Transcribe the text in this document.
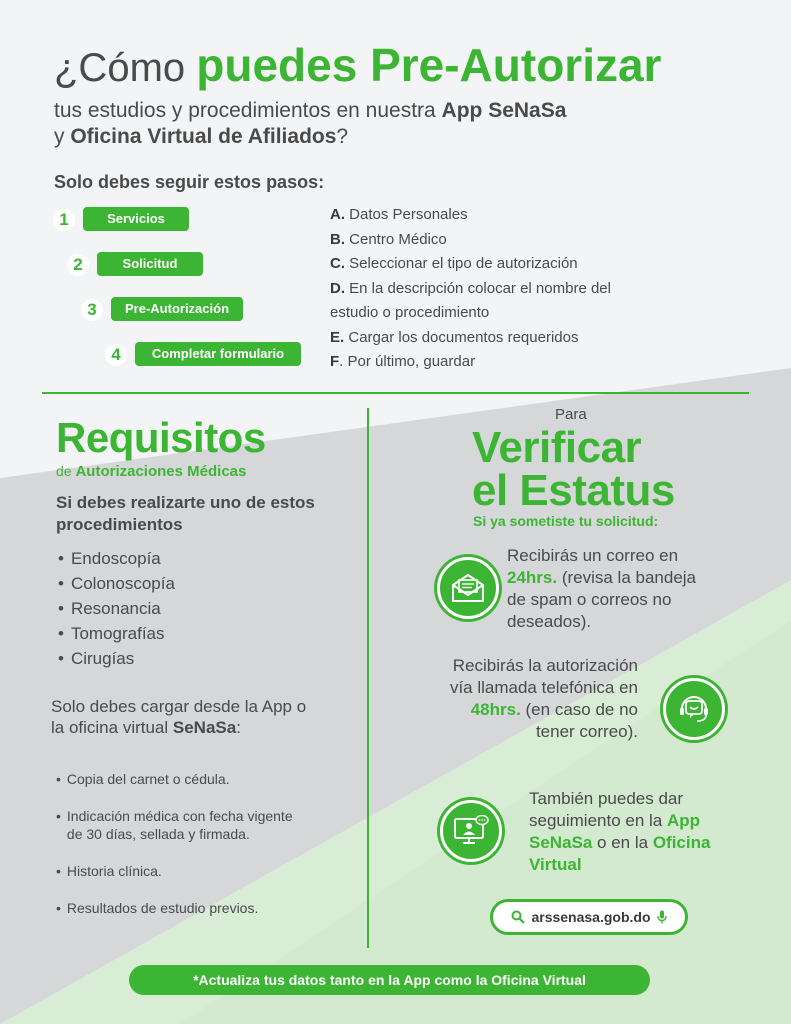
¿Cómo puedes Pre-Autorizar
tus estudios y procedimientos en nuestra App SeNaSa
y Oficina Virtual de Afiliados?
Solo debes seguir estos pasos:
1	Servicios
2	Solicitud
3	Pre-Autorización
4	Completar formulario
A. Datos Personales
B. Centro Médico
C. Seleccionar el tipo de autorización
D. En la descripción colocar el nombre del estudio o procedimiento
E. Cargar los documentos requeridos
F. Por último, guardar
Requisitos
de Autorizaciones Médicas
Si debes realizarte uno de estos procedimientos
• Endoscopía
• Colonoscopía
• Resonancia
• Tomografías
• Cirugías
Solo debes cargar desde la App o la oficina virtual SeNaSa:
• Copia del carnet o cédula.
• Indicación médica con fecha vigente de 30 días, sellada y firmada.
• Historia clínica.
• Resultados de estudio previos.
Para
Verificar
el Estatus
Si ya sometiste tu solicitud:
Recibirás un correo en 24hrs. (revisa la bandeja de spam o correos no deseados).
Recibirás la autorización vía llamada telefónica en 48hrs. (en caso de no tener correo).
También puedes dar seguimiento en la App SeNaSa o en la Oficina Virtual
arssenasa.gob.do
*Actualiza tus datos tanto en la App como la Oficina Virtual
